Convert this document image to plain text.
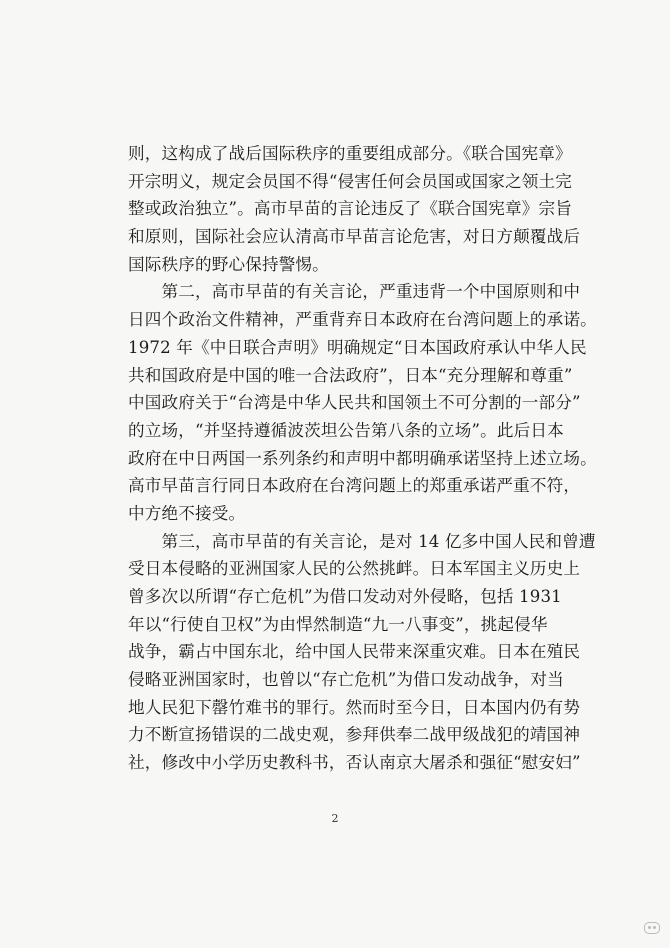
则，这构成了战后国际秩序的重要组成部分。《联合国宪章》
开宗明义，规定会员国不得“侵害任何会员国或国家之领土完
整或政治独立”。高市早苗的言论违反了《联合国宪章》宗旨
和原则，国际社会应认清高市早苗言论危害，对日方颠覆战后
国际秩序的野心保持警惕。
　　第二，高市早苗的有关言论，严重违背一个中国原则和中
日四个政治文件精神，严重背弃日本政府在台湾问题上的承诺。
1972 年《中日联合声明》明确规定“日本国政府承认中华人民
共和国政府是中国的唯一合法政府”，日本“充分理解和尊重”
中国政府关于“台湾是中华人民共和国领土不可分割的一部分”
的立场，“并坚持遵循波茨坦公告第八条的立场”。此后日本
政府在中日两国一系列条约和声明中都明确承诺坚持上述立场。
高市早苗言行同日本政府在台湾问题上的郑重承诺严重不符，
中方绝不接受。
　　第三，高市早苗的有关言论，是对 14 亿多中国人民和曾遭
受日本侵略的亚洲国家人民的公然挑衅。日本军国主义历史上
曾多次以所谓“存亡危机”为借口发动对外侵略，包括 1931
年以“行使自卫权”为由悍然制造“九一八事变”，挑起侵华
战争，霸占中国东北，给中国人民带来深重灾难。日本在殖民
侵略亚洲国家时，也曾以“存亡危机”为借口发动战争，对当
地人民犯下罄竹难书的罪行。然而时至今日，日本国内仍有势
力不断宣扬错误的二战史观，参拜供奉二战甲级战犯的靖国神
社，修改中小学历史教科书，否认南京大屠杀和强征“慰安妇”
2
